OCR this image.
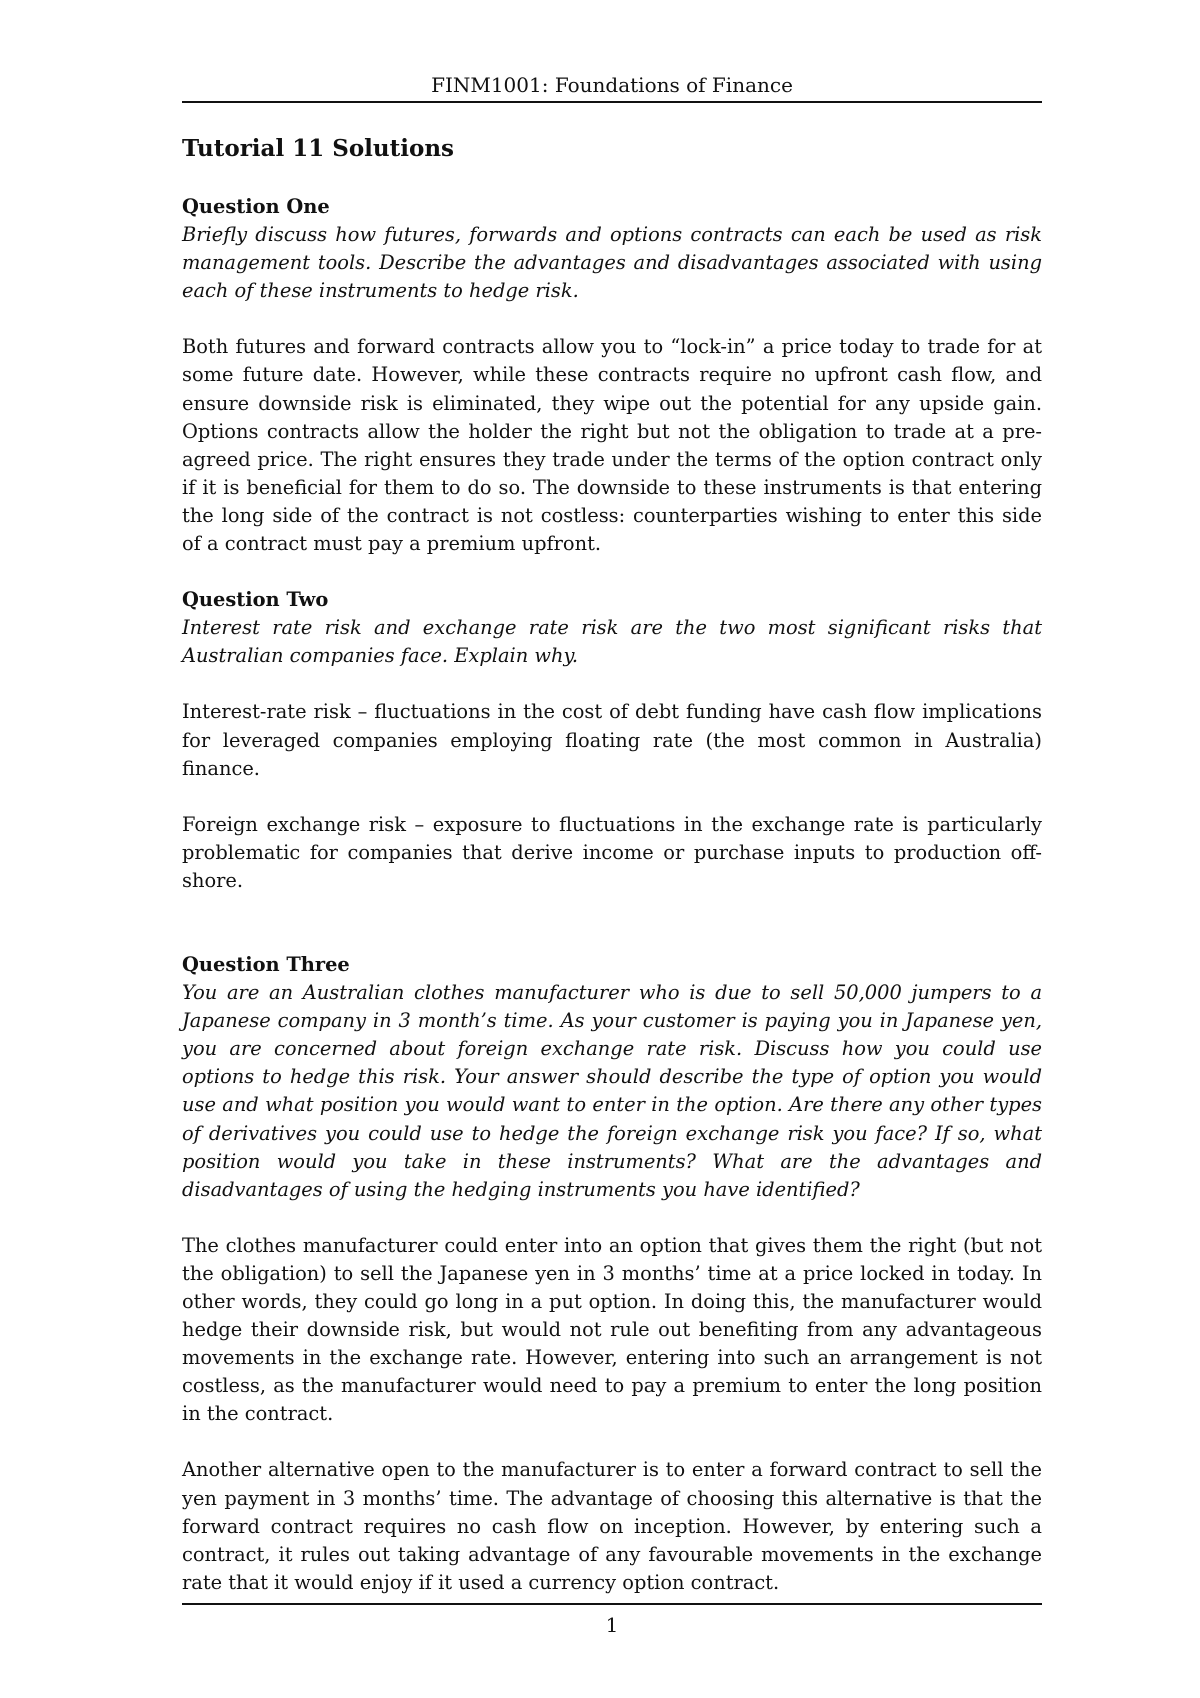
FINM1001: Foundations of Finance
Tutorial 11 Solutions

Question One

Briefly discuss how futures, forwards and options contracts can each be used as risk management tools. Describe the advantages and disadvantages associated with using each of these instruments to hedge risk.

Both futures and forward contracts allow you to “lock-in” a price today to trade for at some future date. However, while these contracts require no upfront cash flow, and ensure downside risk is eliminated, they wipe out the potential for any upside gain. Options contracts allow the holder the right but not the obligation to trade at a pre-agreed price. The right ensures they trade under the terms of the option contract only if it is beneficial for them to do so. The downside to these instruments is that entering the long side of the contract is not costless: counterparties wishing to enter this side of a contract must pay a premium upfront.

Question Two

Interest rate risk and exchange rate risk are the two most significant risks that Australian companies face. Explain why.

Interest-rate risk – fluctuations in the cost of debt funding have cash flow implications for leveraged companies employing floating rate (the most common in Australia) finance.

Foreign exchange risk – exposure to fluctuations in the exchange rate is particularly problematic for companies that derive income or purchase inputs to production off-shore.

Question Three

You are an Australian clothes manufacturer who is due to sell 50,000 jumpers to a Japanese company in 3 month’s time. As your customer is paying you in Japanese yen, you are concerned about foreign exchange rate risk. Discuss how you could use options to hedge this risk. Your answer should describe the type of option you would use and what position you would want to enter in the option. Are there any other types of derivatives you could use to hedge the foreign exchange risk you face? If so, what position would you take in these instruments? What are the advantages and disadvantages of using the hedging instruments you have identified?

The clothes manufacturer could enter into an option that gives them the right (but not the obligation) to sell the Japanese yen in 3 months’ time at a price locked in today. In other words, they could go long in a put option. In doing this, the manufacturer would hedge their downside risk, but would not rule out benefiting from any advantageous movements in the exchange rate. However, entering into such an arrangement is not costless, as the manufacturer would need to pay a premium to enter the long position in the contract.

Another alternative open to the manufacturer is to enter a forward contract to sell the yen payment in 3 months’ time. The advantage of choosing this alternative is that the forward contract requires no cash flow on inception. However, by entering such a contract, it rules out taking advantage of any favourable movements in the exchange rate that it would enjoy if it used a currency option contract.

1
